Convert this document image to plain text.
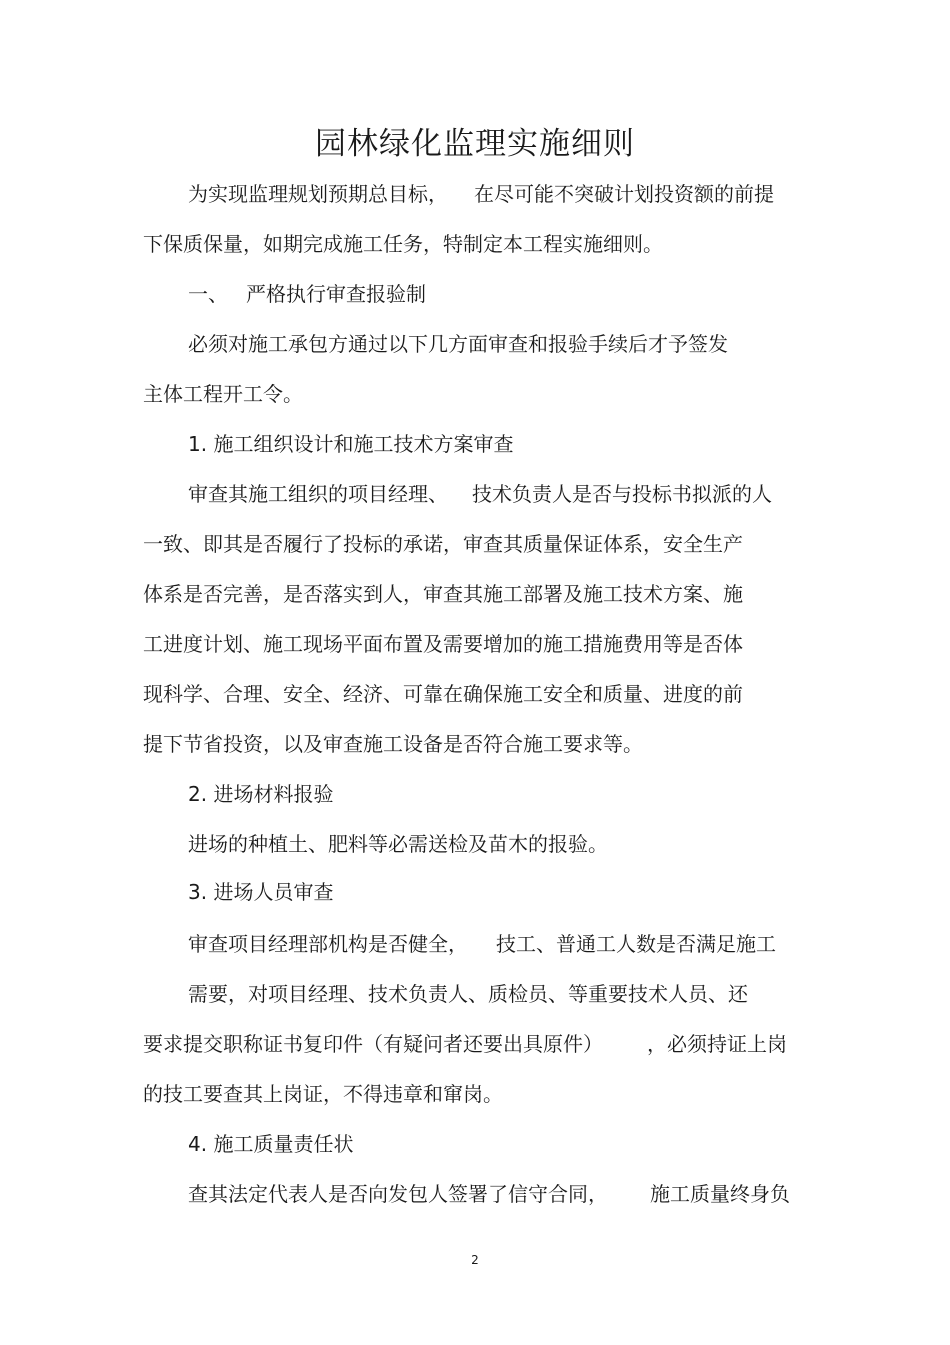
园林绿化监理实施细则
为实现监理规划预期总目标， 在尽可能不突破计划投资额的前提
下保质保量，如期完成施工任务，特制定本工程实施细则。
一、 严格执行审查报验制
必须对施工承包方通过以下几方面审查和报验手续后才予签发
主体工程开工令。
1. 施工组织设计和施工技术方案审查
审查其施工组织的项目经理、 技术负责人是否与投标书拟派的人
一致、即其是否履行了投标的承诺，审查其质量保证体系，安全生产
体系是否完善，是否落实到人，审查其施工部署及施工技术方案、施
工进度计划、施工现场平面布置及需要增加的施工措施费用等是否体
现科学、合理、安全、经济、可靠在确保施工安全和质量、进度的前
提下节省投资，以及审查施工设备是否符合施工要求等。
2. 进场材料报验
进场的种植土、肥料等必需送检及苗木的报验。
3. 进场人员审查
审查项目经理部机构是否健全， 技工、普通工人数是否满足施工
需要，对项目经理、技术负责人、质检员、等重要技术人员、还
要求提交职称证书复印件（有疑问者还要出具原件） ，必须持证上岗
的技工要查其上岗证，不得违章和窜岗。
4. 施工质量责任状
查其法定代表人是否向发包人签署了信守合同， 施工质量终身负
2
